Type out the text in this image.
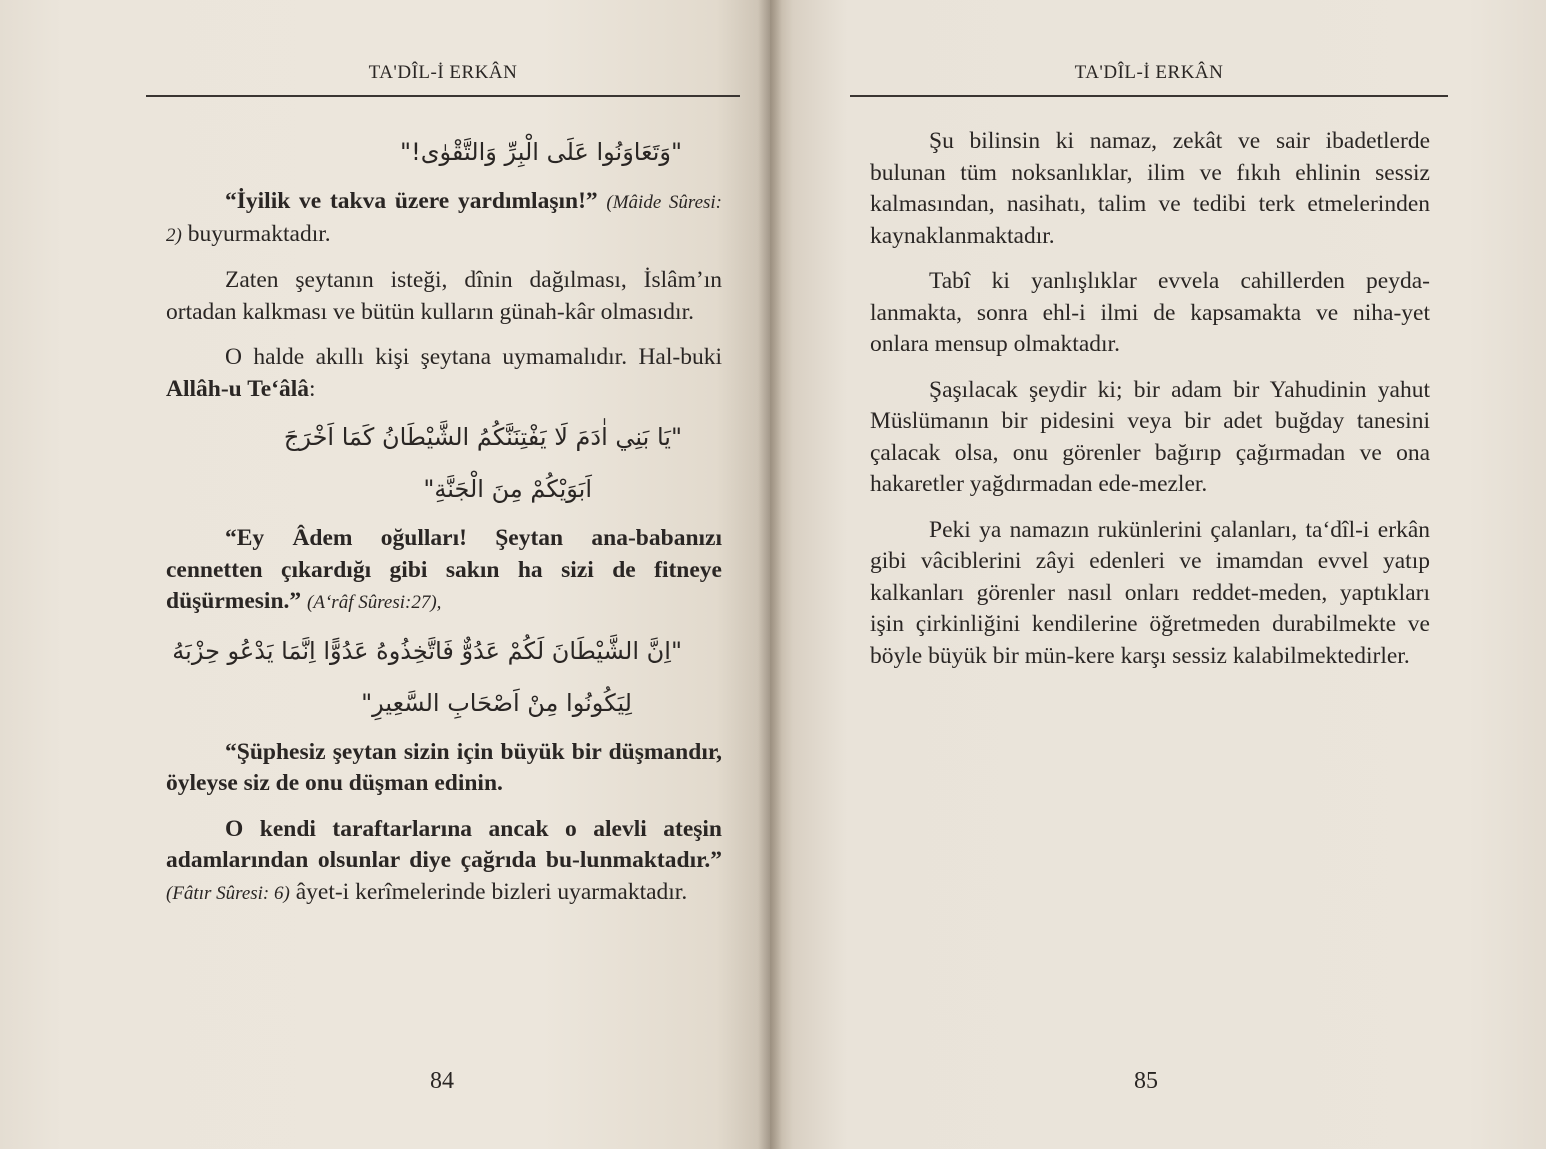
TA'DÎL-İ ERKÂN
"وَتَعَاوَنُوا عَلَى الْبِرِّ وَالتَّقْوٰى!"

“İyilik ve takva üzere yardımlaşın!” (Mâide Sûresi: 2) buyurmaktadır.

Zaten şeytanın isteği, dînin dağılması, İslâm’ın ortadan kalkması ve bütün kulların günah-kâr olmasıdır.

O halde akıllı kişi şeytana uymamalıdır. Hal-buki Allâh-u Te‘âlâ:

"يَا بَنِي اٰدَمَ لَا يَفْتِنَنَّكُمُ الشَّيْطَانُ كَمَا اَخْرَجَ
اَبَوَيْكُمْ مِنَ الْجَنَّةِ"

“Ey Âdem oğulları! Şeytan ana-babanızı cennetten çıkardığı gibi sakın ha sizi de fitneye düşürmesin.” (A‘râf Sûresi:27),

"اِنَّ الشَّيْطَانَ لَكُمْ عَدُوٌّ فَاتَّخِذُوهُ عَدُوًّا اِنَّمَا يَدْعُو حِزْبَهُ
لِيَكُونُوا مِنْ اَصْحَابِ السَّعِيرِ"

“Şüphesiz şeytan sizin için büyük bir düşmandır, öyleyse siz de onu düşman edinin.

O kendi taraftarlarına ancak o alevli ateşin adamlarından olsunlar diye çağrıda bu-lunmaktadır.” (Fâtır Sûresi: 6) âyet-i kerîmelerinde bizleri uyarmaktadır.

84
TA'DÎL-İ ERKÂN

Şu bilinsin ki namaz, zekât ve sair ibadetlerde bulunan tüm noksanlıklar, ilim ve fıkıh ehlinin sessiz kalmasından, nasihatı, talim ve tedibi terk etmelerinden kaynaklanmaktadır.

Tabî ki yanlışlıklar evvela cahillerden peyda-lanmakta, sonra ehl-i ilmi de kapsamakta ve niha-yet onlara mensup olmaktadır.

Şaşılacak şeydir ki; bir adam bir Yahudinin yahut Müslümanın bir pidesini veya bir adet buğday tanesini çalacak olsa, onu görenler bağırıp çağırmadan ve ona hakaretler yağdırmadan ede-mezler.

Peki ya namazın rukünlerini çalanları, ta‘dîl-i erkân gibi vâciblerini zâyi edenleri ve imamdan evvel yatıp kalkanları görenler nasıl onları reddet-meden, yaptıkları işin çirkinliğini kendilerine öğretmeden durabilmekte ve böyle büyük bir mün-kere karşı sessiz kalabilmektedirler.

85
